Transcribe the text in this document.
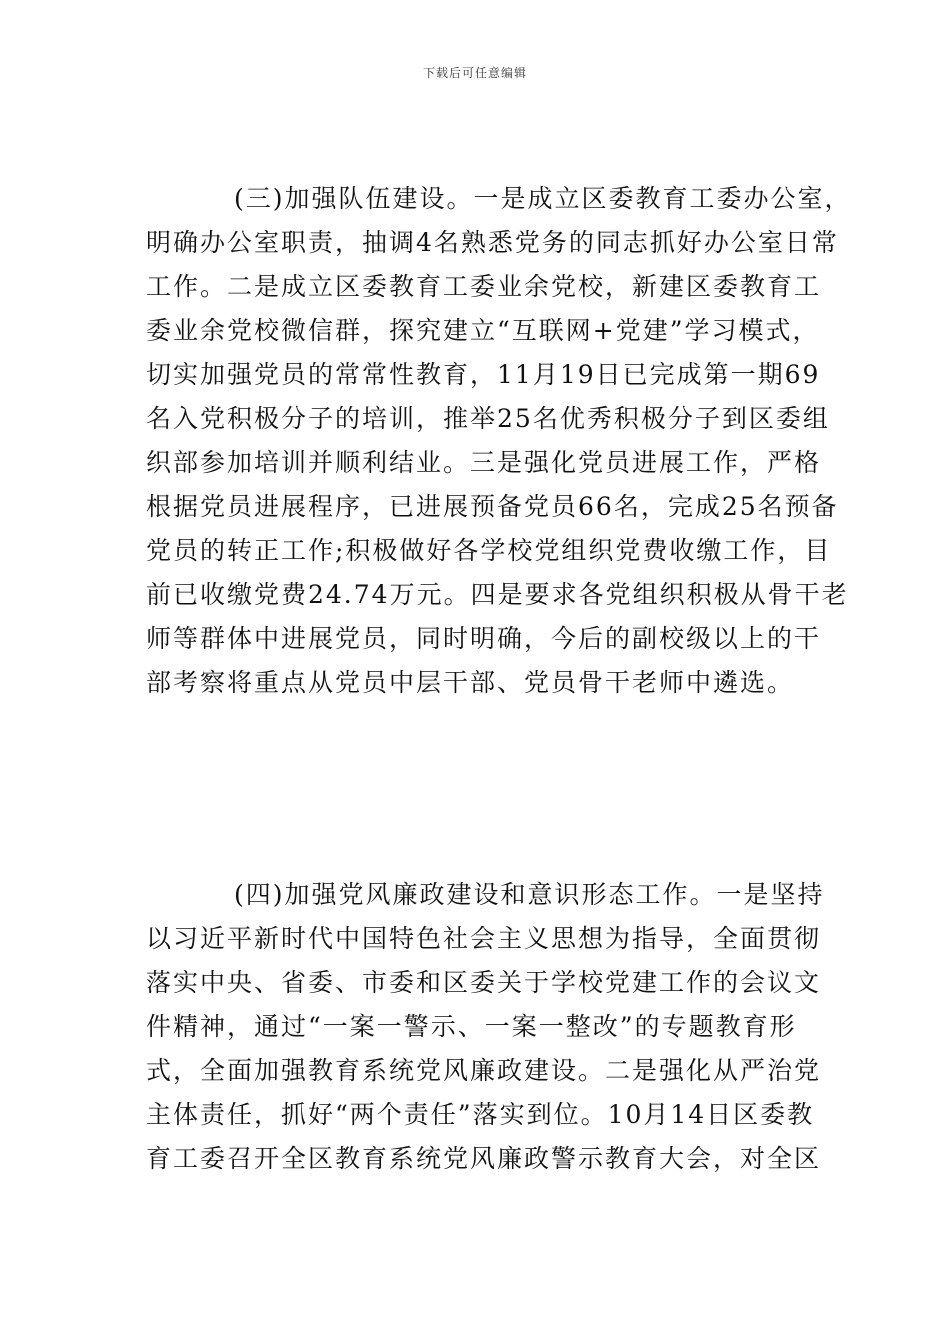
下载后可任意编辑
(三)加强队伍建设。一是成立区委教育工委办公室，
明确办公室职责，抽调4名熟悉党务的同志抓好办公室日常
工作。二是成立区委教育工委业余党校，新建区委教育工
委业余党校微信群，探究建立“互联网+党建”学习模式，
切实加强党员的常常性教育，11月19日已完成第一期69
名入党积极分子的培训，推举25名优秀积极分子到区委组
织部参加培训并顺利结业。三是强化党员进展工作，严格
根据党员进展程序，已进展预备党员66名，完成25名预备
党员的转正工作;积极做好各学校党组织党费收缴工作，目
前已收缴党费24.74万元。四是要求各党组织积极从骨干老
师等群体中进展党员，同时明确，今后的副校级以上的干
部考察将重点从党员中层干部、党员骨干老师中遴选。
(四)加强党风廉政建设和意识形态工作。一是坚持
以习近平新时代中国特色社会主义思想为指导，全面贯彻
落实中央、省委、市委和区委关于学校党建工作的会议文
件精神，通过“一案一警示、一案一整改”的专题教育形
式，全面加强教育系统党风廉政建设。二是强化从严治党
主体责任，抓好“两个责任”落实到位。10月14日区委教
育工委召开全区教育系统党风廉政警示教育大会，对全区
